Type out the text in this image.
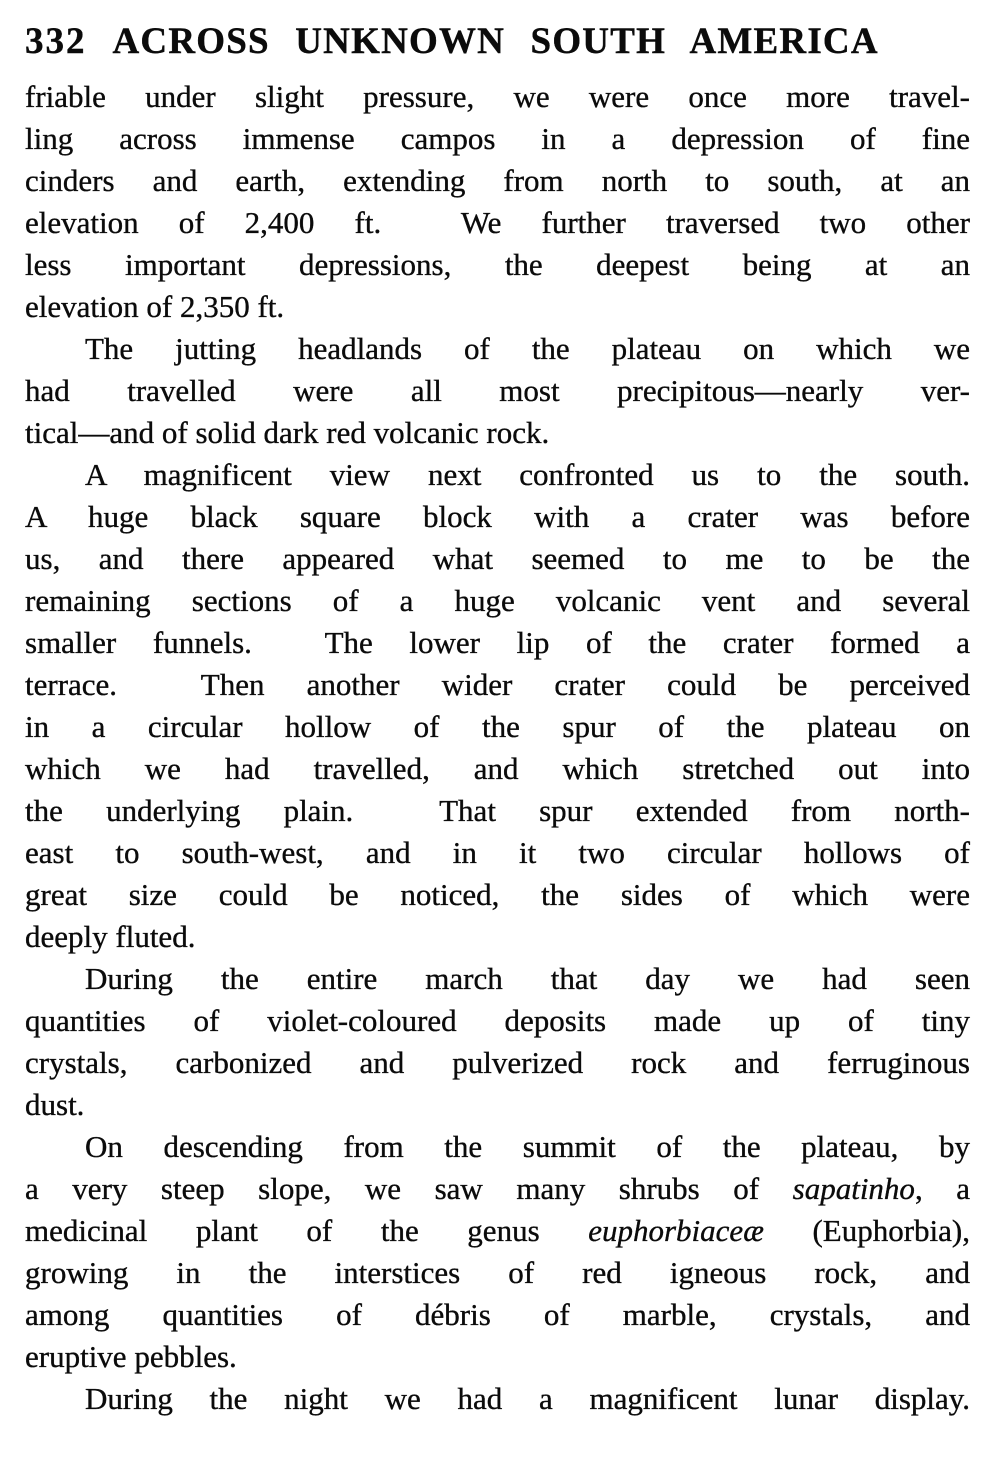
332 ACROSS UNKNOWN SOUTH AMERICA
friable under slight pressure, we were once more travel-
ling across immense campos in a depression of fine
cinders and earth, extending from north to south, at an
elevation of 2,400 ft.  We further traversed two other
less important depressions, the deepest being at an
elevation of 2,350 ft.
The jutting headlands of the plateau on which we
had travelled were all most precipitous—nearly ver-
tical—and of solid dark red volcanic rock.
A magnificent view next confronted us to the south.
A huge black square block with a crater was before
us, and there appeared what seemed to me to be the
remaining sections of a huge volcanic vent and several
smaller funnels.  The lower lip of the crater formed a
terrace.  Then another wider crater could be perceived
in a circular hollow of the spur of the plateau on
which we had travelled, and which stretched out into
the underlying plain.  That spur extended from north-
east to south-west, and in it two circular hollows of
great size could be noticed, the sides of which were
deeply fluted.
During the entire march that day we had seen
quantities of violet-coloured deposits made up of tiny
crystals, carbonized and pulverized rock and ferruginous
dust.
On descending from the summit of the plateau, by
a very steep slope, we saw many shrubs of sapatinho, a
medicinal plant of the genus euphorbiaceæ (Euphorbia),
growing in the interstices of red igneous rock, and
among quantities of débris of marble, crystals, and
eruptive pebbles.
During the night we had a magnificent lunar display.
